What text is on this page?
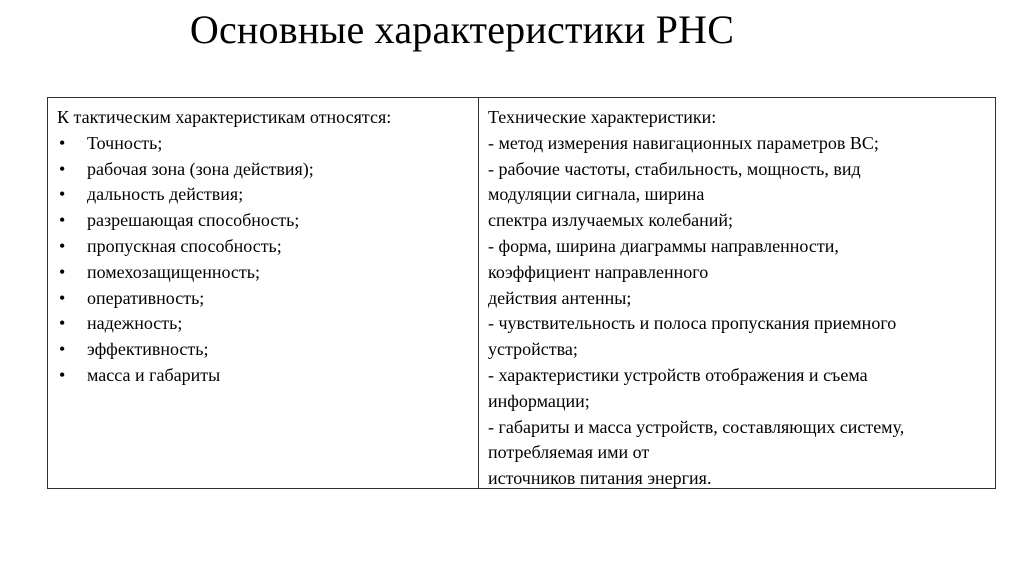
Основные характеристики РНС
К тактическим характеристикам относятся:
• Точность;
• рабочая зона (зона действия);
• дальность действия;
• разрешающая способность;
• пропускная способность;
• помехозащищенность;
• оперативность;
• надежность;
• эффективность;
• масса и габариты
Технические характеристики:
- метод измерения навигационных параметров ВС;
- рабочие частоты, стабильность, мощность, вид
модуляции сигнала, ширина
спектра излучаемых колебаний;
- форма, ширина диаграммы направленности,
коэффициент направленного
действия антенны;
- чувствительность и полоса пропускания приемного
устройства;
- характеристики устройств отображения и съема
информации;
- габариты и масса устройств, составляющих систему,
потребляемая ими от
источников питания энергия.
